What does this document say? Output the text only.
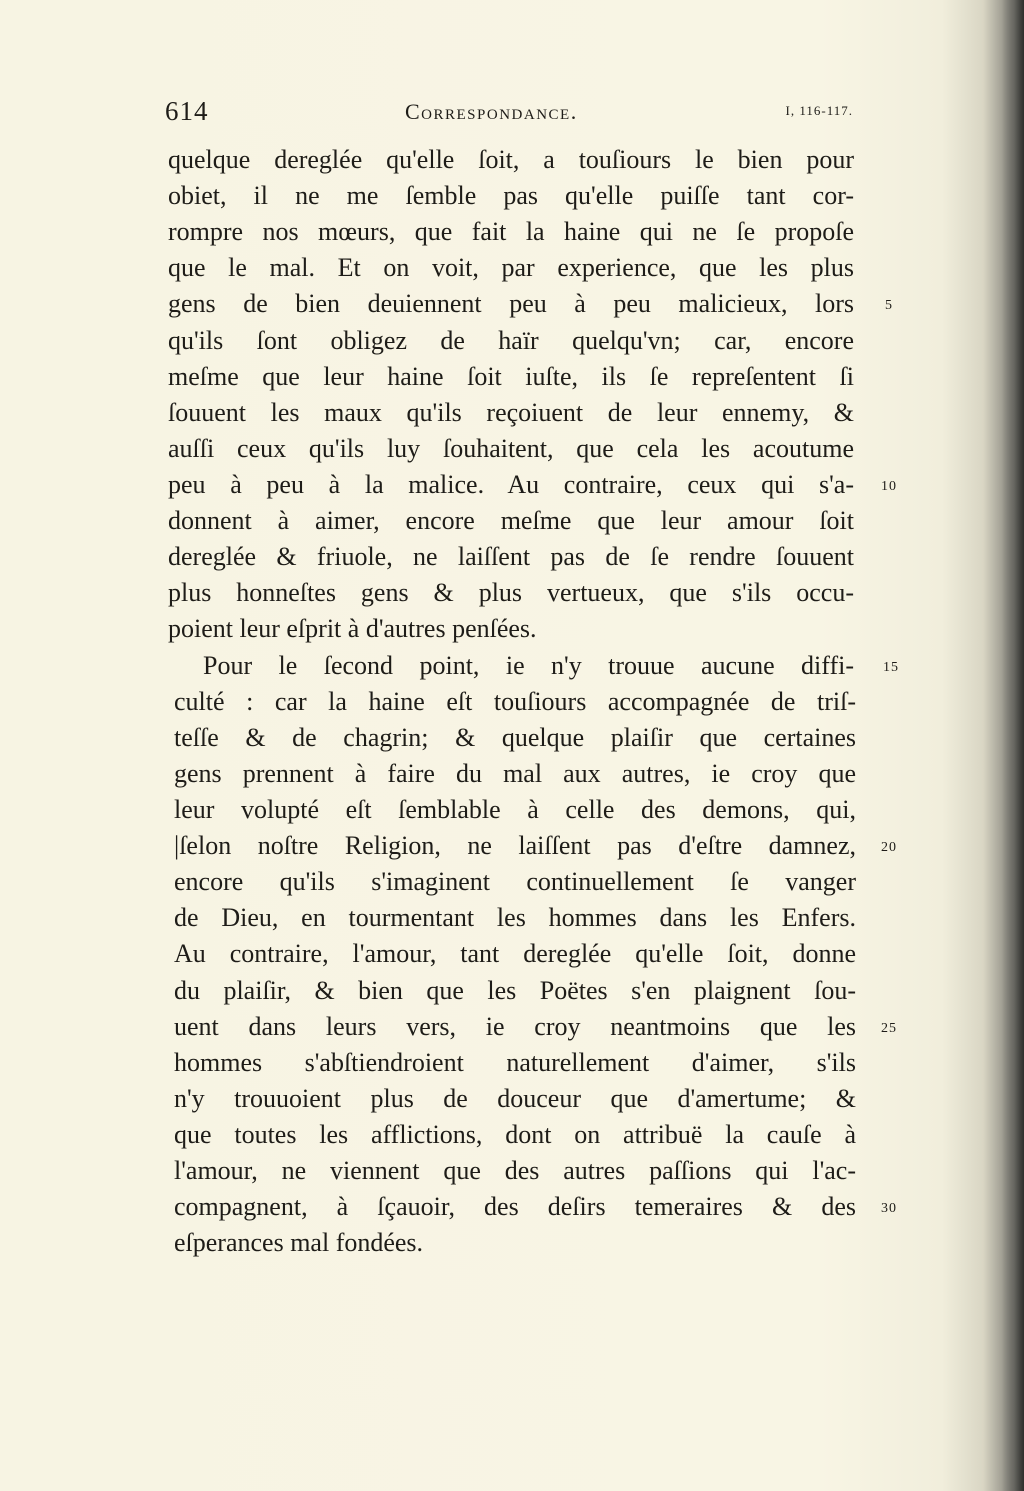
614	Correspondance.	I, 116-117.
quelque dereglée qu'elle ſoit, a touſiours le bien pour
obiet, il ne me ſemble pas qu'elle puiſſe tant cor-
rompre nos mœurs, que fait la haine qui ne ſe propoſe
que le mal. Et on voit, par experience, que les plus
gens de bien deuiennent peu à peu malicieux, lors
qu'ils ſont obligez de haïr quelqu'vn; car, encore
meſme que leur haine ſoit iuſte, ils ſe repreſentent ſi
ſouuent les maux qu'ils reçoiuent de leur ennemy, &
auſſi ceux qu'ils luy ſouhaitent, que cela les acoutume
peu à peu à la malice. Au contraire, ceux qui s'a-
donnent à aimer, encore meſme que leur amour ſoit
dereglée & friuole, ne laiſſent pas de ſe rendre ſouuent
plus honneſtes gens & plus vertueux, que s'ils occu-
poient leur eſprit à d'autres penſées.
Pour le ſecond point, ie n'y trouue aucune diffi-
culté : car la haine eſt touſiours accompagnée de triſ-
teſſe & de chagrin; & quelque plaiſir que certaines
gens prennent à faire du mal aux autres, ie croy que
leur volupté eſt ſemblable à celle des demons, qui,
|ſelon noſtre Religion, ne laiſſent pas d'eſtre damnez,
encore qu'ils s'imaginent continuellement ſe vanger
de Dieu, en tourmentant les hommes dans les Enfers.
Au contraire, l'amour, tant dereglée qu'elle ſoit, donne
du plaiſir, & bien que les Poëtes s'en plaignent ſou-
uent dans leurs vers, ie croy neantmoins que les
hommes s'abſtiendroient naturellement d'aimer, s'ils
n'y trouuoient plus de douceur que d'amertume; &
que toutes les afflictions, dont on attribuë la cauſe à
l'amour, ne viennent que des autres paſſions qui l'ac-
compagnent, à ſçauoir, des deſirs temeraires & des
eſperances mal fondées.
5
10
15
20
25
30
